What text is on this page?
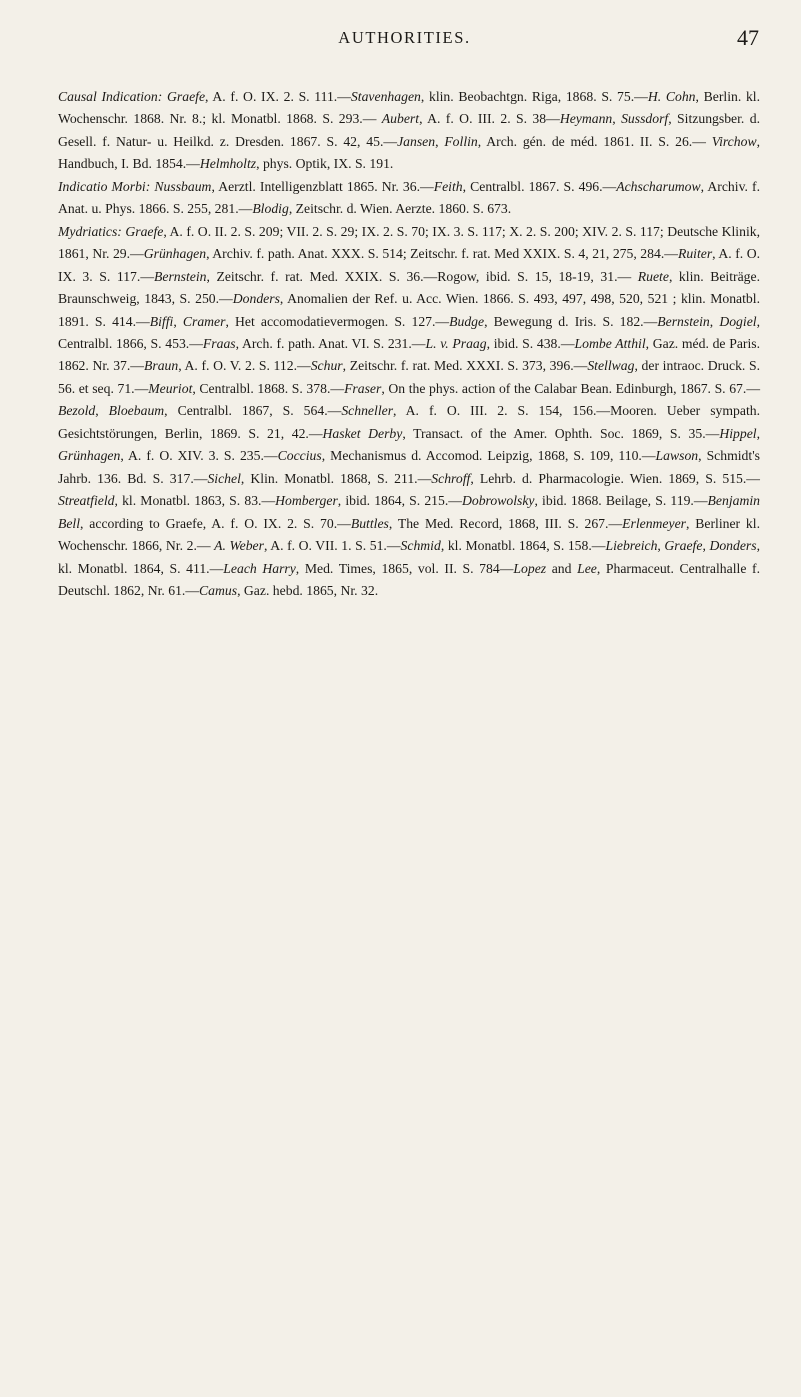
AUTHORITIES.	47

Causal Indication: Graefe, A. f. O. IX. 2. S. 111.—Stavenhagen, klin. Beobachtgn. Riga, 1868. S. 75.—H. Cohn, Berlin. kl. Wochenschr. 1868. Nr. 8.; kl. Monatbl. 1868. S. 293.— Aubert, A. f. O. III. 2. S. 38—Heymann, Sussdorf, Sitzungsber. d. Gesell. f. Natur- u. Heilkd. z. Dresden. 1867. S. 42, 45.—Jansen, Follin, Arch. gén. de méd. 1861. II. S. 26.— Virchow, Handbuch, I. Bd. 1854.—Helmholtz, phys. Optik, IX. S. 191.

Indicatio Morbi: Nussbaum, Aerztl. Intelligenzblatt 1865. Nr. 36.—Feith, Centralbl. 1867. S. 496.—Achscharumow, Archiv. f. Anat. u. Phys. 1866. S. 255, 281.—Blodig, Zeitschr. d. Wien. Aerzte. 1860. S. 673.

Mydriatics: Graefe, A. f. O. II. 2. S. 209; VII. 2. S. 29; IX. 2. S. 70; IX. 3. S. 117; X. 2. S. 200; XIV. 2. S. 117; Deutsche Klinik, 1861, Nr. 29.—Grünhagen, Archiv. f. path. Anat. XXX. S. 514; Zeitschr. f. rat. Med XXIX. S. 4, 21, 275, 284.—Ruiter, A. f. O. IX. 3. S. 117.—Bernstein, Zeitschr. f. rat. Med. XXIX. S. 36.—Rogow, ibid. S. 15, 18-19, 31.— Ruete, klin. Beiträge. Braunschweig, 1843, S. 250.—Donders, Anomalien der Ref. u. Acc. Wien. 1866. S. 493, 497, 498, 520, 521 ; klin. Monatbl. 1891. S. 414.—Biffi, Cramer, Het accomodatievermogen. S. 127.—Budge, Bewegung d. Iris. S. 182.—Bernstein, Dogiel, Centralbl. 1866, S. 453.—Fraas, Arch. f. path. Anat. VI. S. 231.—L. v. Praag, ibid. S. 438.—Lombe Atthil, Gaz. méd. de Paris. 1862. Nr. 37.—Braun, A. f. O. V. 2. S. 112.—Schur, Zeitschr. f. rat. Med. XXXI. S. 373, 396.—Stellwag, der intraoc. Druck. S. 56. et seq. 71.—Meuriot, Centralbl. 1868. S. 378.—Fraser, On the phys. action of the Calabar Bean. Edinburgh, 1867. S. 67.—Bezold, Bloebaum, Centralbl. 1867, S. 564.—Schneller, A. f. O. III. 2. S. 154, 156.—Mooren. Ueber sympath. Gesichtstörungen, Berlin, 1869. S. 21, 42.—Hasket Derby, Transact. of the Amer. Ophth. Soc. 1869, S. 35.—Hippel, Grünhagen, A. f. O. XIV. 3. S. 235.—Coccius, Mechanismus d. Accomod. Leipzig, 1868, S. 109, 110.—Lawson, Schmidt's Jahrb. 136. Bd. S. 317.—Sichel, Klin. Monatbl. 1868, S. 211.—Schroff, Lehrb. d. Pharmacologie. Wien. 1869, S. 515.—Streatfield, kl. Monatbl. 1863, S. 83.—Homberger, ibid. 1864, S. 215.—Dobrowolsky, ibid. 1868. Beilage, S. 119.—Benjamin Bell, according to Graefe, A. f. O. IX. 2. S. 70.—Buttles, The Med. Record, 1868, III. S. 267.—Erlenmeyer, Berliner kl. Wochenschr. 1866, Nr. 2.— A. Weber, A. f. O. VII. 1. S. 51.—Schmid, kl. Monatbl. 1864, S. 158.—Liebreich, Graefe, Donders, kl. Monatbl. 1864, S. 411.—Leach Harry, Med. Times, 1865, vol. II. S. 784—Lopez and Lee, Pharmaceut. Centralhalle f. Deutschl. 1862, Nr. 61.—Camus, Gaz. hebd. 1865, Nr. 32.
